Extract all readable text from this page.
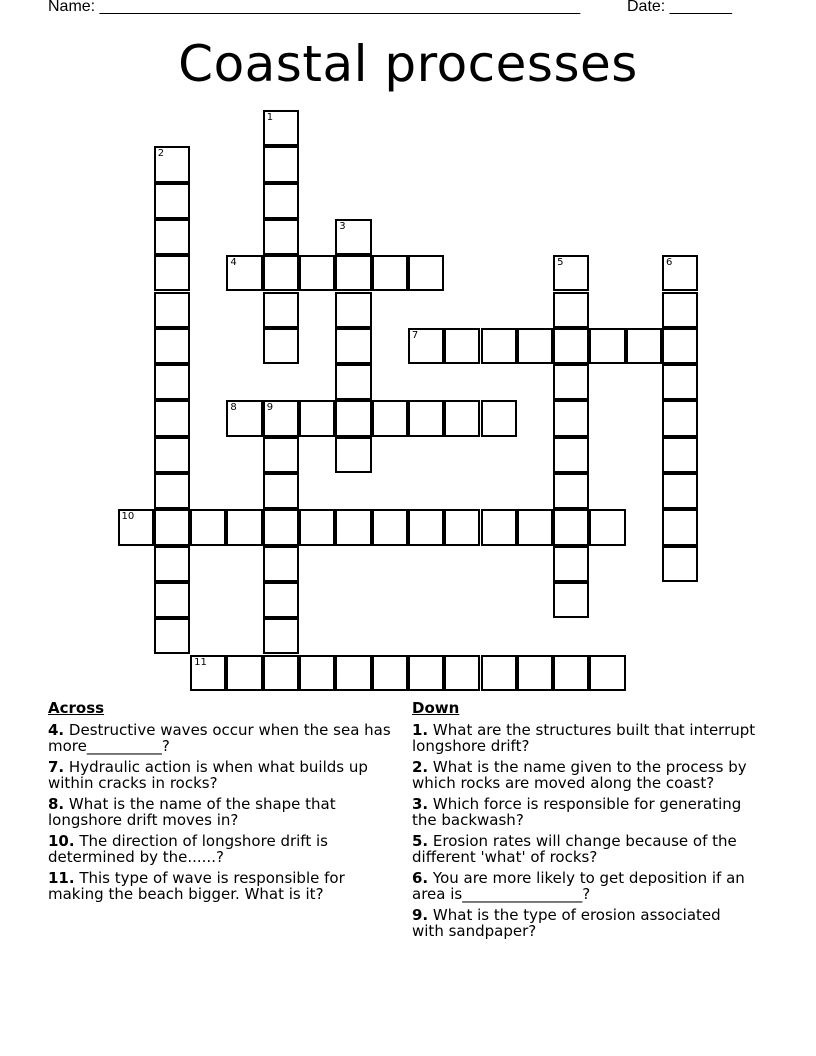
Name: ______________________________________________________	Date: _______
Coastal processes
1
2
3
4	5	6
7
8	9
10
11
Across
4. Destructive waves occur when the sea has more__________?
7. Hydraulic action is when what builds up within cracks in rocks?
8. What is the name of the shape that longshore drift moves in?
10. The direction of longshore drift is determined by the......?
11. This type of wave is responsible for making the beach bigger. What is it?
Down
1. What are the structures built that interrupt longshore drift?
2. What is the name given to the process by which rocks are moved along the coast?
3. Which force is responsible for generating the backwash?
5. Erosion rates will change because of the different 'what' of rocks?
6. You are more likely to get deposition if an area is________________?
9. What is the type of erosion associated with sandpaper?
